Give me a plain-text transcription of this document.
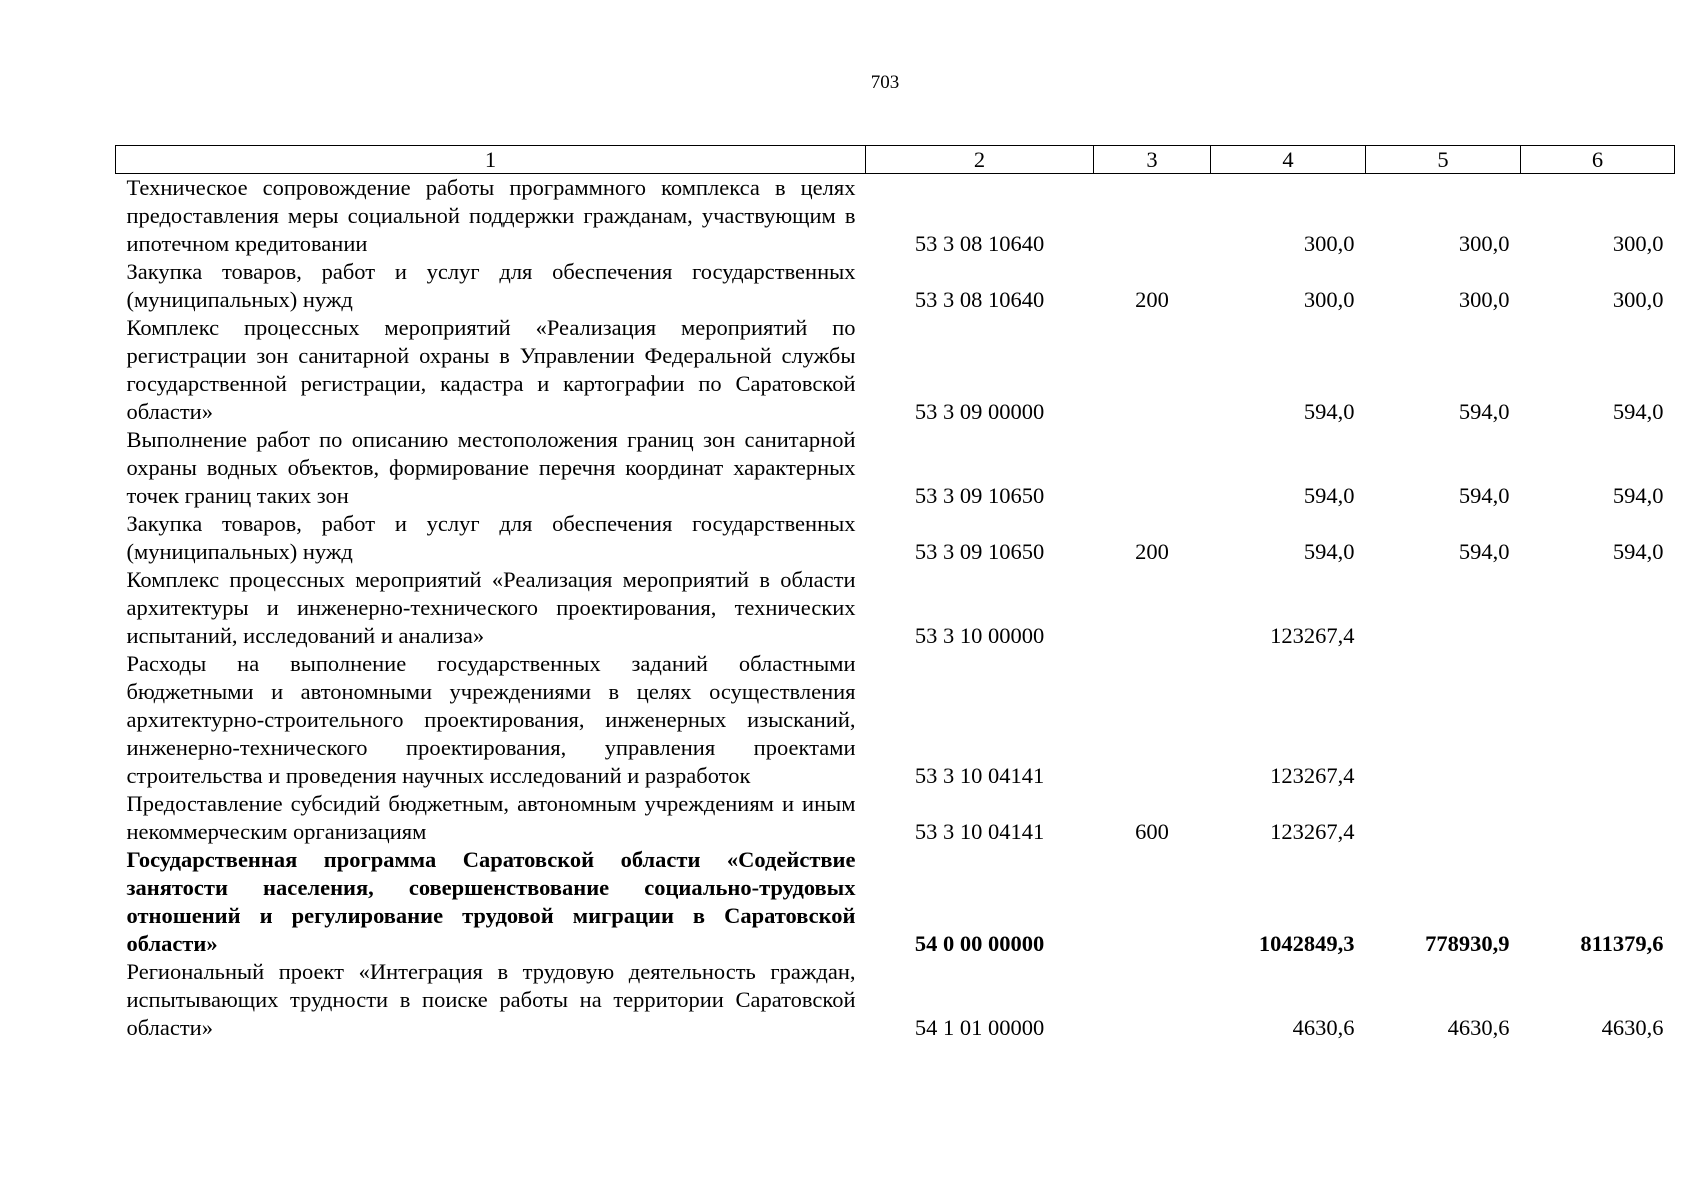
703
1	2	3	4	5	6
Техническое сопровождение работы программного комплекса в целях предоставления меры социальной поддержки гражданам, участвующим в ипотечном кредитовании	53 3 08 10640		300,0	300,0	300,0
Закупка товаров, работ и услуг для обеспечения государственных (муниципальных) нужд	53 3 08 10640	200	300,0	300,0	300,0
Комплекс процессных мероприятий «Реализация мероприятий по регистрации зон санитарной охраны в Управлении Федеральной службы государственной регистрации, кадастра и картографии по Саратовской области»	53 3 09 00000		594,0	594,0	594,0
Выполнение работ по описанию местоположения границ зон санитарной охраны водных объектов, формирование перечня координат характерных точек границ таких зон	53 3 09 10650		594,0	594,0	594,0
Закупка товаров, работ и услуг для обеспечения государственных (муниципальных) нужд	53 3 09 10650	200	594,0	594,0	594,0
Комплекс процессных мероприятий «Реализация мероприятий в области архитектуры и инженерно-технического проектирования, технических испытаний, исследований и анализа»	53 3 10 00000		123267,4		
Расходы на выполнение государственных заданий областными бюджетными и автономными учреждениями в целях осуществления архитектурно-строительного проектирования, инженерных изысканий, инженерно-технического проектирования, управления проектами строительства и проведения научных исследований и разработок	53 3 10 04141		123267,4		
Предоставление субсидий бюджетным, автономным учреждениям и иным некоммерческим организациям	53 3 10 04141	600	123267,4		
Государственная программа Саратовской области «Содействие занятости населения, совершенствование социально-трудовых отношений и регулирование трудовой миграции в Саратовской области»	54 0 00 00000		1042849,3	778930,9	811379,6
Региональный проект «Интеграция в трудовую деятельность граждан, испытывающих трудности в поиске работы на территории Саратовской области»	54 1 01 00000		4630,6	4630,6	4630,6
